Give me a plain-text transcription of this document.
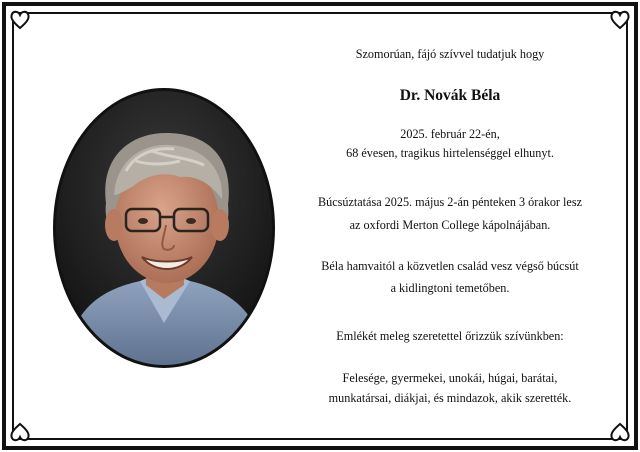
Szomorúan, fájó szívvel tudatjuk hogy
Dr. Novák Béla
2025. február 22-én,
68 évesen, tragikus hirtelenséggel elhunyt.
Búcsúztatása 2025. május 2-án pénteken 3 órakor lesz
az oxfordi Merton College kápolnájában.
Béla hamvaitól a közvetlen család vesz végső búcsút
a kidlingtoni temetőben.
Emlékét meleg szeretettel őrizzük szívünkben:
Felesége, gyermekei, unokái, húgai, barátai,
munkatársai, diákjai, és mindazok, akik szerették.
